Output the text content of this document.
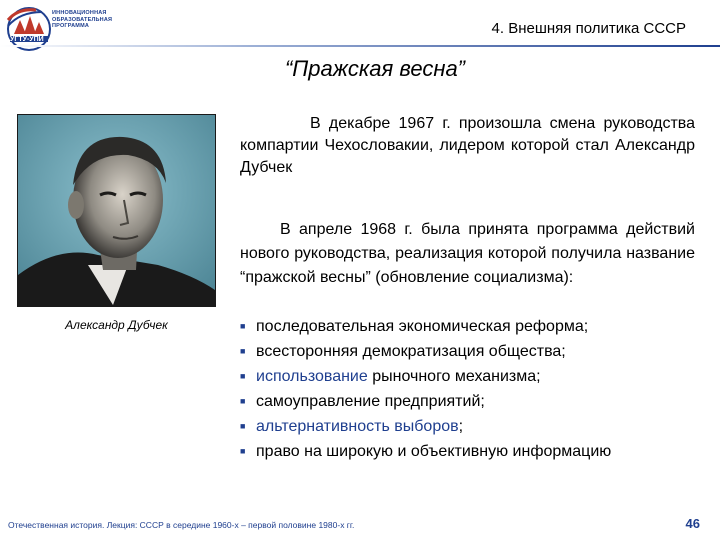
ИННОВАЦИОННАЯ
ОБРАЗОВАТЕЛЬНАЯ
ПРОГРАММА
УГТУ-УПИ
4. Внешняя политика СССР
“Пражская весна”
Александр Дубчек
В декабре 1967 г. произошла смена руководства компартии Чехословакии, лидером которой стал Александр Дубчек
В апреле 1968 г. была принята программа действий нового руководства, реализация которой получила название “пражской весны” (обновление социализма):
■ последовательная экономическая реформа;
■ всесторонняя демократизация общества;
■ использование рыночного механизма;
■ самоуправление предприятий;
■ альтернативность выборов;
■ право на широкую и объективную информацию
Отечественная история. Лекция: СССР в середине 1960-х – первой половине 1980-х гг.	46
